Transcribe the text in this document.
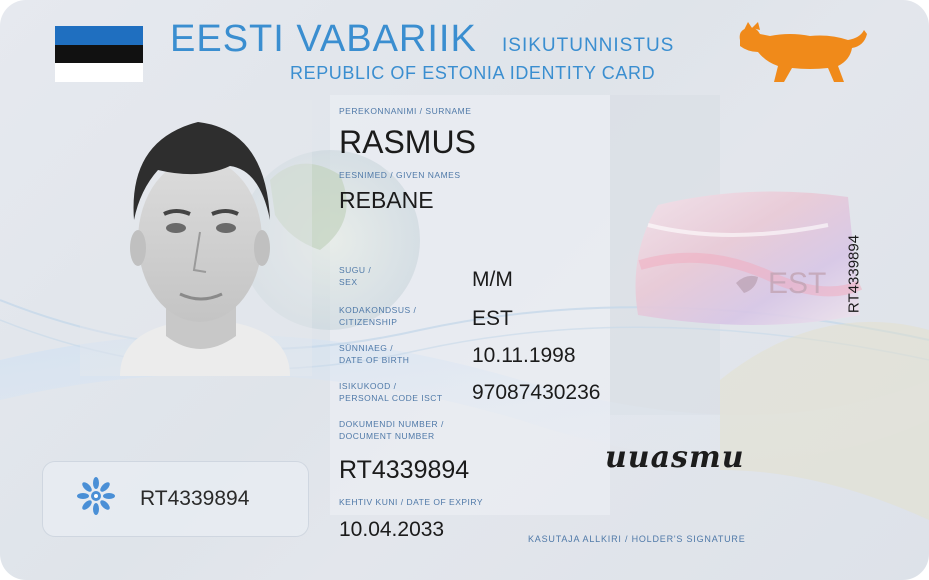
EESTI VABARIIK ISIKUTUNNISTUS
REPUBLIC OF ESTONIA IDENTITY CARD
PEREKONNANIMI / SURNAME
RASMUS
EESNIMED / GIVEN NAMES
REBANE
SUGU /
SEX	M/M
KODAKONDSUS /
CITIZENSHIP	EST
SÜNNIAEG /
DATE OF BIRTH	10.11.1998
ISIKUKOOD /
PERSONAL CODE ISCT 97087430236
DOKUMENDI NUMBER /
DOCUMENT NUMBER
RT4339894
KEHTIV KUNI / DATE OF EXPIRY
10.04.2033
EST RT4339894
RT4339894
uuasmu
KASUTAJA ALLKIRI / HOLDER'S SIGNATURE
